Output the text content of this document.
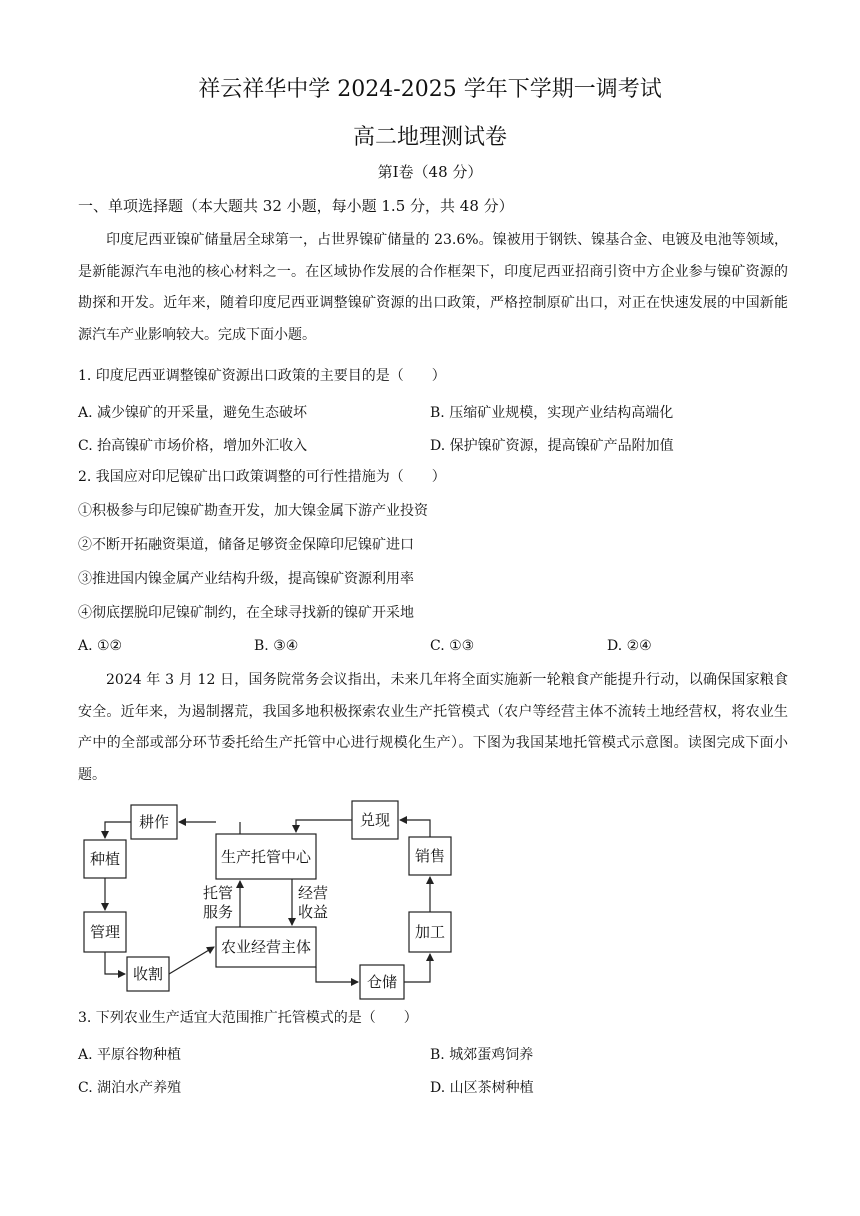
祥云祥华中学 2024-2025 学年下学期一调考试
高二地理测试卷
第Ⅰ卷（48 分）
一、单项选择题（本大题共 32 小题，每小题 1.5 分，共 48 分）
印度尼西亚镍矿储量居全球第一，占世界镍矿储量的 23.6%。镍被用于钢铁、镍基合金、电镀及电池等领域，是新能源汽车电池的核心材料之一。在区域协作发展的合作框架下，印度尼西亚招商引资中方企业参与镍矿资源的勘探和开发。近年来，随着印度尼西亚调整镍矿资源的出口政策，严格控制原矿出口，对正在快速发展的中国新能源汽车产业影响较大。完成下面小题。
1. 印度尼西亚调整镍矿资源出口政策的主要目的是（　　）
A. 减少镍矿的开采量，避免生态破坏	B. 压缩矿业规模，实现产业结构高端化
C. 抬高镍矿市场价格，增加外汇收入	D. 保护镍矿资源，提高镍矿产品附加值
2. 我国应对印尼镍矿出口政策调整的可行性措施为（　　）
①积极参与印尼镍矿勘查开发，加大镍金属下游产业投资
②不断开拓融资渠道，储备足够资金保障印尼镍矿进口
③推进国内镍金属产业结构升级，提高镍矿资源利用率
④彻底摆脱印尼镍矿制约，在全球寻找新的镍矿开采地
A. ①②	B. ③④	C. ①③	D. ②④
2024 年 3 月 12 日，国务院常务会议指出，未来几年将全面实施新一轮粮食产能提升行动，以确保国家粮食安全。近年来，为遏制撂荒，我国多地积极探索农业生产托管模式（农户等经营主体不流转土地经营权，将农业生产中的全部或部分环节委托给生产托管中心进行规模化生产）。下图为我国某地托管模式示意图。读图完成下面小题。
耕作
种植
管理
收割
生产托管中心
农业经营主体
兑现
销售
加工
仓储
托管
服务
经营
收益
3. 下列农业生产适宜大范围推广托管模式的是（　　）
A. 平原谷物种植	B. 城郊蛋鸡饲养
C. 湖泊水产养殖	D. 山区茶树种植
